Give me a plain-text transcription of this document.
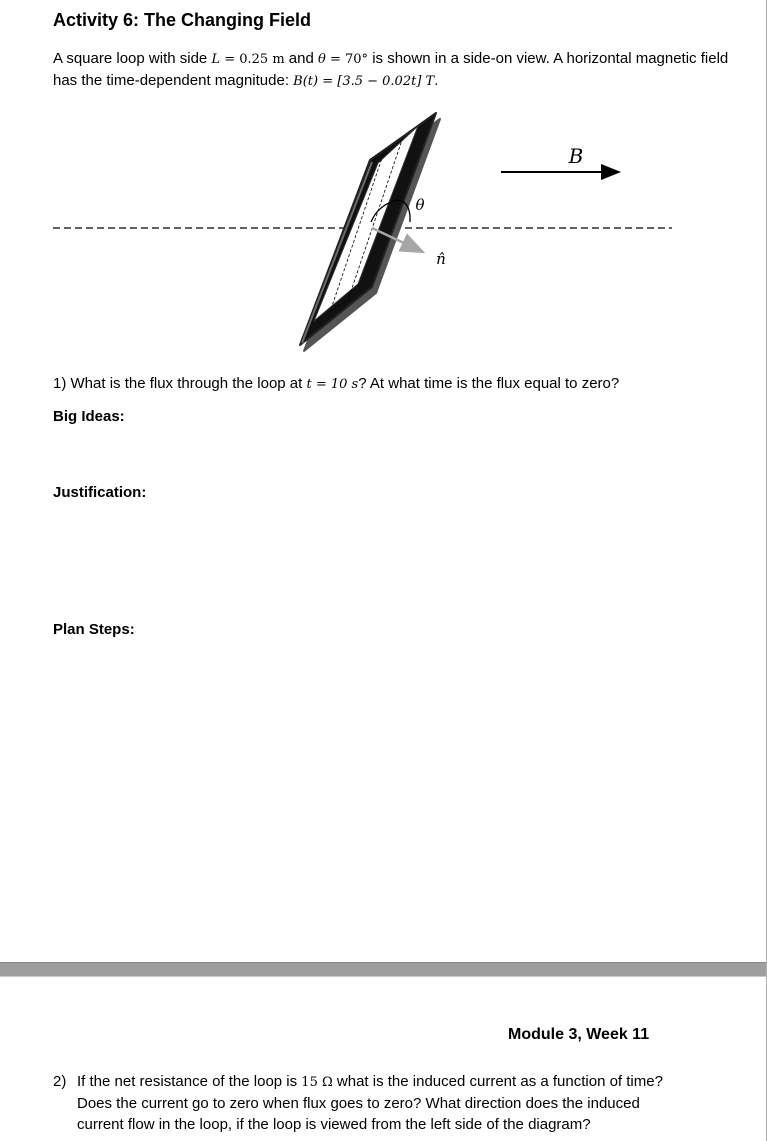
Activity 6: The Changing Field
A square loop with side L = 0.25 m and θ = 70° is shown in a side-on view. A horizontal magnetic field has the time-dependent magnitude: B(t) = [3.5 − 0.02t] T.
B
θ
n̂
1) What is the flux through the loop at t = 10 s? At what time is the flux equal to zero?
Big Ideas:
Justification:
Plan Steps:
Module 3, Week 11
2) If the net resistance of the loop is 15 Ω what is the induced current as a function of time? Does the current go to zero when flux goes to zero? What direction does the induced current flow in the loop, if the loop is viewed from the left side of the diagram?
